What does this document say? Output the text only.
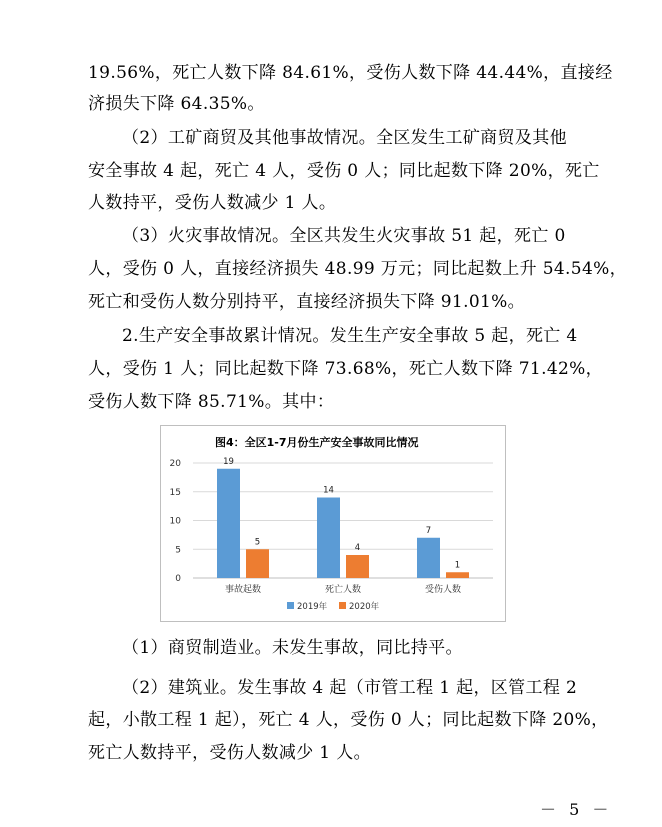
19.56%，死亡人数下降 84.61%，受伤人数下降 44.44%，直接经

济损失下降 64.35%。

（2）工矿商贸及其他事故情况。全区发生工矿商贸及其他

安全事故 4 起，死亡 4 人，受伤 0 人；同比起数下降 20%，死亡

人数持平，受伤人数减少 1 人。

（3）火灾事故情况。全区共发生火灾事故 51 起，死亡 0

人，受伤 0 人，直接经济损失 48.99 万元；同比起数上升 54.54%，

死亡和受伤人数分别持平，直接经济损失下降 91.01%。

2.生产安全事故累计情况。发生生产安全事故 5 起，死亡 4

人，受伤 1 人；同比起数下降 73.68%，死亡人数下降 71.42%，

受伤人数下降 85.71%。其中：

（1）商贸制造业。未发生事故，同比持平。

（2）建筑业。发生事故 4 起（市管工程 1 起，区管工程 2

起，小散工程 1 起），死亡 4 人，受伤 0 人；同比起数下降 20%，

死亡人数持平，受伤人数减少 1 人。

图4：全区1-7月份生产安全事故同比情况
0
5
10
15
20	19
5
14
4
7
1
事故起数	死亡人数	受伤人数
2019年	2020年

－ 5 －
